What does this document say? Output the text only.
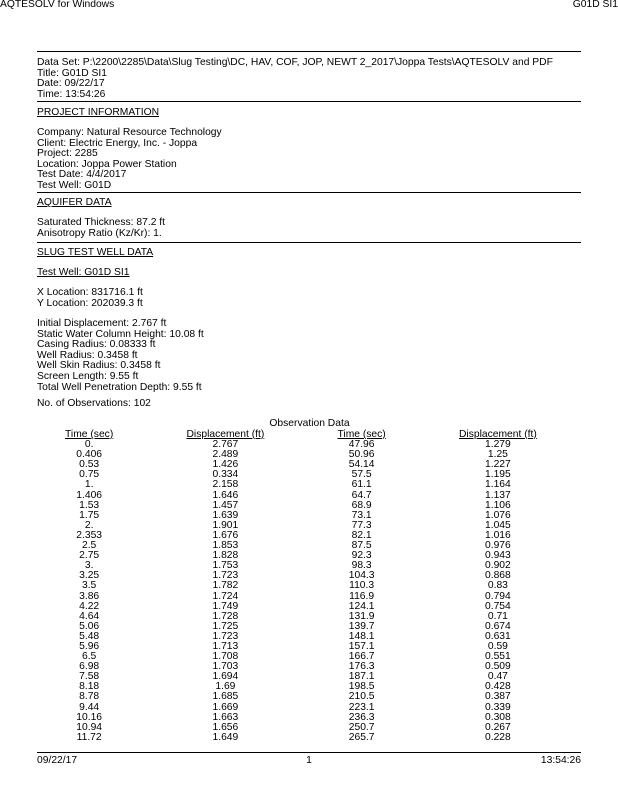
AQTESOLV for Windows	G01D SI1
Data Set: P:\2200\2285\Data\Slug Testing\DC, HAV, COF, JOP, NEWT 2_2017\Joppa Tests\AQTESOLV and PDF
Title: G01D SI1
Date: 09/22/17
Time: 13:54:26
PROJECT INFORMATION
Company: Natural Resource Technology
Client: Electric Energy, Inc. - Joppa
Project: 2285
Location: Joppa Power Station
Test Date: 4/4/2017
Test Well: G01D
AQUIFER DATA
Saturated Thickness: 87.2 ft
Anisotropy Ratio (Kz/Kr): 1.
SLUG TEST WELL DATA
Test Well: G01D SI1
X Location: 831716.1 ft
Y Location: 202039.3 ft
Initial Displacement: 2.767 ft
Static Water Column Height: 10.08 ft
Casing Radius: 0.08333 ft
Well Radius: 0.3458 ft
Well Skin Radius: 0.3458 ft
Screen Length: 9.55 ft
Total Well Penetration Depth: 9.55 ft
No. of Observations: 102
Observation Data
Time (sec)	Displacement (ft)	Time (sec)	Displacement (ft)
0.	2.767	47.96	1.279
0.406	2.489	50.96	1.25
0.53	1.426	54.14	1.227
0.75	0.334	57.5	1.195
1.	2.158	61.1	1.164
1.406	1.646	64.7	1.137
1.53	1.457	68.9	1.106
1.75	1.639	73.1	1.076
2.	1.901	77.3	1.045
2.353	1.676	82.1	1.016
2.5	1.853	87.5	0.976
2.75	1.828	92.3	0.943
3.	1.753	98.3	0.902
3.25	1.723	104.3	0.868
3.5	1.782	110.3	0.83
3.86	1.724	116.9	0.794
4.22	1.749	124.1	0.754
4.64	1.728	131.9	0.71
5.06	1.725	139.7	0.674
5.48	1.723	148.1	0.631
5.96	1.713	157.1	0.59
6.5	1.708	166.7	0.551
6.98	1.703	176.3	0.509
7.58	1.694	187.1	0.47
8.18	1.69	198.5	0.428
8.78	1.685	210.5	0.387
9.44	1.669	223.1	0.339
10.16	1.663	236.3	0.308
10.94	1.656	250.7	0.267
11.72	1.649	265.7	0.228
09/22/17	1	13:54:26
